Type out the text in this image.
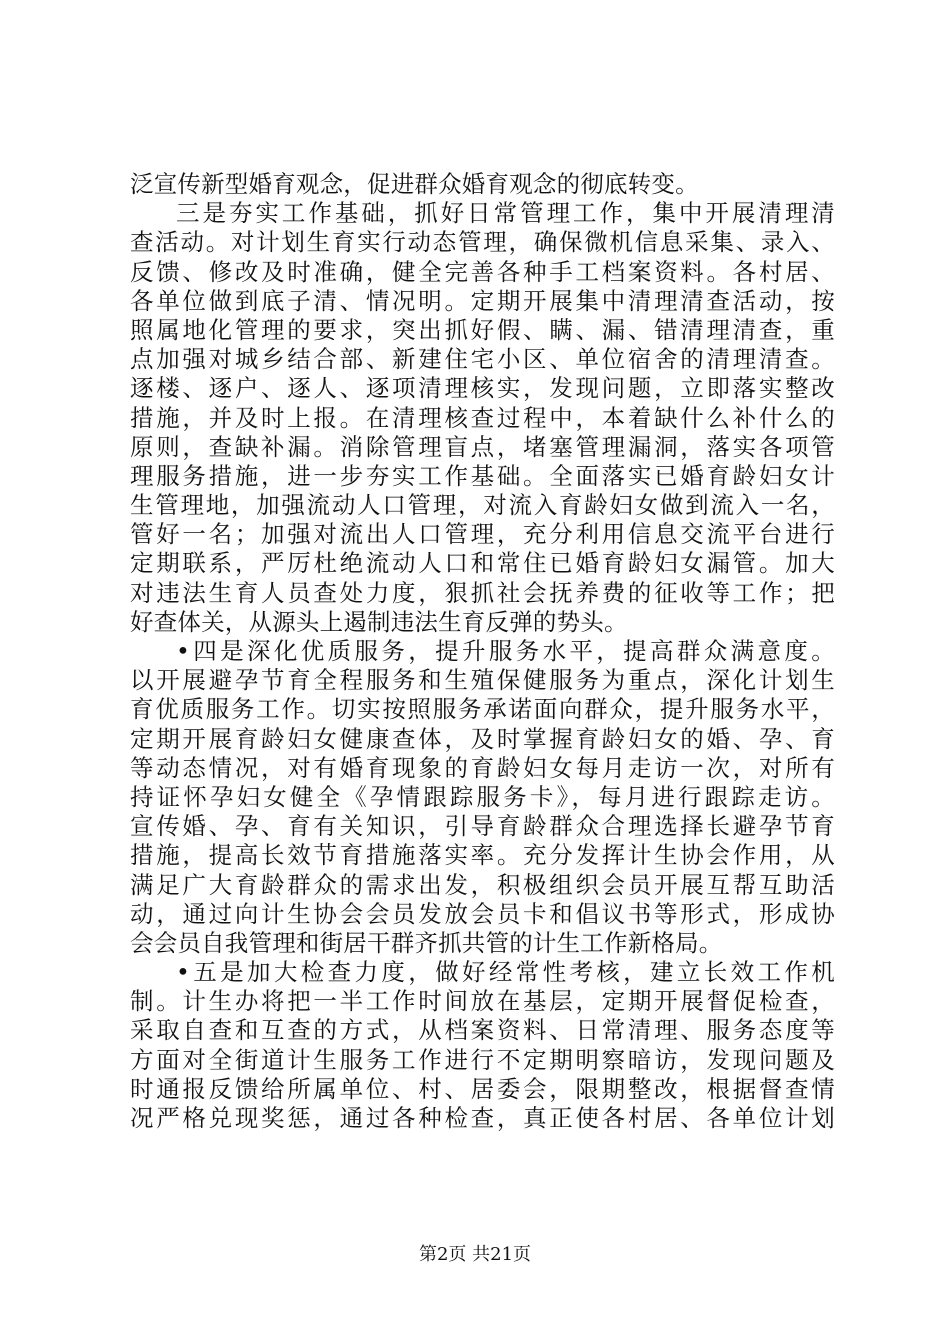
泛宣传新型婚育观念，促进群众婚育观念的彻底转变。
三是夯实工作基础，抓好日常管理工作，集中开展清理清
查活动。对计划生育实行动态管理，确保微机信息采集、录入、
反馈、修改及时准确，健全完善各种手工档案资料。各村居、
各单位做到底子清、情况明。定期开展集中清理清查活动，按
照属地化管理的要求，突出抓好假、瞒、漏、错清理清查，重
点加强对城乡结合部、新建住宅小区、单位宿舍的清理清查。
逐楼、逐户、逐人、逐项清理核实，发现问题，立即落实整改
措施，并及时上报。在清理核查过程中，本着缺什么补什么的
原则，查缺补漏。消除管理盲点，堵塞管理漏洞，落实各项管
理服务措施，进一步夯实工作基础。全面落实已婚育龄妇女计
生管理地，加强流动人口管理，对流入育龄妇女做到流入一名，
管好一名；加强对流出人口管理，充分利用信息交流平台进行
定期联系，严厉杜绝流动人口和常住已婚育龄妇女漏管。加大
对违法生育人员查处力度，狠抓社会抚养费的征收等工作；把
好查体关，从源头上遏制违法生育反弹的势头。
•四是深化优质服务，提升服务水平，提高群众满意度。
以开展避孕节育全程服务和生殖保健服务为重点，深化计划生
育优质服务工作。切实按照服务承诺面向群众，提升服务水平，
定期开展育龄妇女健康查体，及时掌握育龄妇女的婚、孕、育
等动态情况，对有婚育现象的育龄妇女每月走访一次，对所有
持证怀孕妇女健全《孕情跟踪服务卡》，每月进行跟踪走访。
宣传婚、孕、育有关知识，引导育龄群众合理选择长避孕节育
措施，提高长效节育措施落实率。充分发挥计生协会作用，从
满足广大育龄群众的需求出发，积极组织会员开展互帮互助活
动，通过向计生协会会员发放会员卡和倡议书等形式，形成协
会会员自我管理和街居干群齐抓共管的计生工作新格局。
•五是加大检查力度，做好经常性考核，建立长效工作机
制。计生办将把一半工作时间放在基层，定期开展督促检查，
采取自查和互查的方式，从档案资料、日常清理、服务态度等
方面对全街道计生服务工作进行不定期明察暗访，发现问题及
时通报反馈给所属单位、村、居委会，限期整改，根据督查情
况严格兑现奖惩，通过各种检查，真正使各村居、各单位计划
第2页 共21页
